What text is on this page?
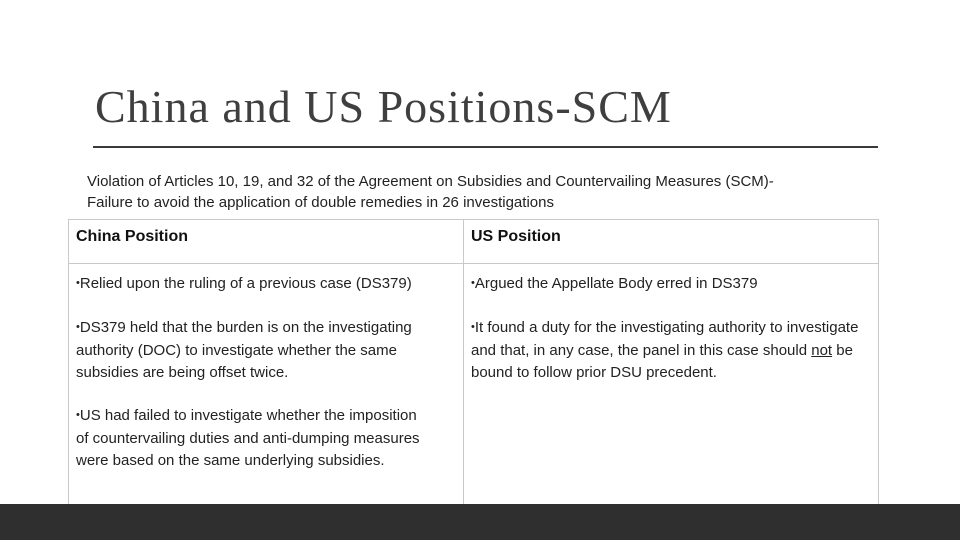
China and US Positions-SCM
Violation of Articles 10, 19, and 32 of the Agreement on Subsidies and Countervailing Measures (SCM)-
Failure to avoid the application of double remedies in 26 investigations
China Position	US Position
•Relied upon the ruling of a previous case (DS379)
•DS379 held that the burden is on the investigating authority (DOC) to investigate whether the same subsidies are being offset twice.
•US had failed to investigate whether the imposition of countervailing duties and anti-dumping measures were based on the same underlying subsidies.
•Argued the Appellate Body erred in DS379
•It found a duty for the investigating authority to investigate and that, in any case, the panel in this case should not be bound to follow prior DSU precedent.
